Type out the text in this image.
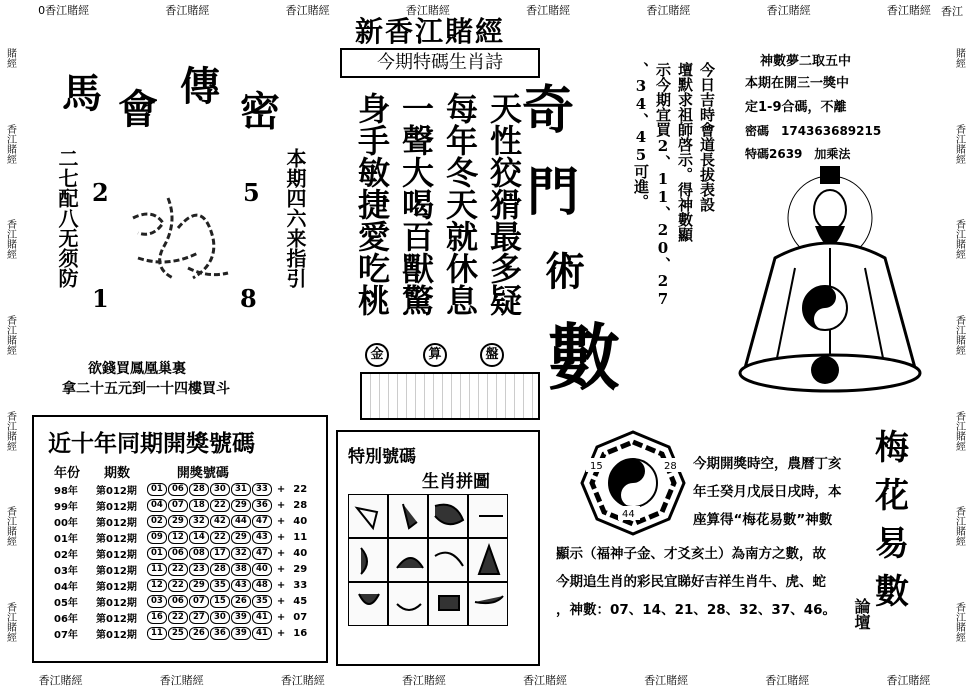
0香江賭經	香江賭經	香江賭經	香江賭經	香江賭經	香江賭經	香江賭經	香江賭經 香江
香江賭經	香江賭經	香江賭經	香江賭經	香江賭經	香江賭經	香江賭經	香江賭經
賭經
香江賭經
香江賭經
香江賭經
香江賭經
香江賭經
香江賭經
賭經
香江賭經
香江賭經
香江賭經
香江賭經
香江賭經
香江賭經
新香江賭經
今期特碼生肖詩
馬 會 傳
密
二七配八无须防	本期四六来指引
2	5
1	8
欲錢買鳳凰巢裏
拿二十五元到一十四樓買斗
天性狡猾最多疑
每年冬天就休息
一聲大喝百獸驚
身手敏捷愛吃桃	奇
門
術
數
金	算	盤
今日吉時會道長拔表設
壇默求祖師啓示。得神數顯
示今期宜買2、11、20、27
、34、45可進。
神數夢二取五中
本期在開三一獎中
定1-9合碼，不離
密碼　17436368921​5
特碼2639　加乘法
近十年同期開獎號碼
年份	期数	開獎號碼		
98年	第012期	01 06 28 30 31 33	+	22
99年	第012期	04 07 18 22 29 36	+	28
00年	第012期	02 29 32 42 44 47	+	40
01年	第012期	09 12 14 22 29 43	+	11
02年	第012期	01 06 08 17 32 47	+	40
03年	第012期	11 22 23 28 38 40	+	29
04年	第012期	12 22 29 35 43 48	+	33
05年	第012期	03 06 07 15 26 35	+	45
06年	第012期	16 22 27 30 39 41	+	07
07年	第012期	11 25 26 36 39 41	+	16
特別號碼
生肖拼圖
15	28
44
今期開獎時空，農曆丁亥
年壬癸月戊辰日戌時，本
座算得“梅花易數”神數
顯示（福神子金、才爻亥土）為南方之數，故
今期追生肖的彩民宜睇好吉祥生肖牛、虎、蛇
，神數：07、14、21、28、32、37、46。
梅
花
易
數
論壇
